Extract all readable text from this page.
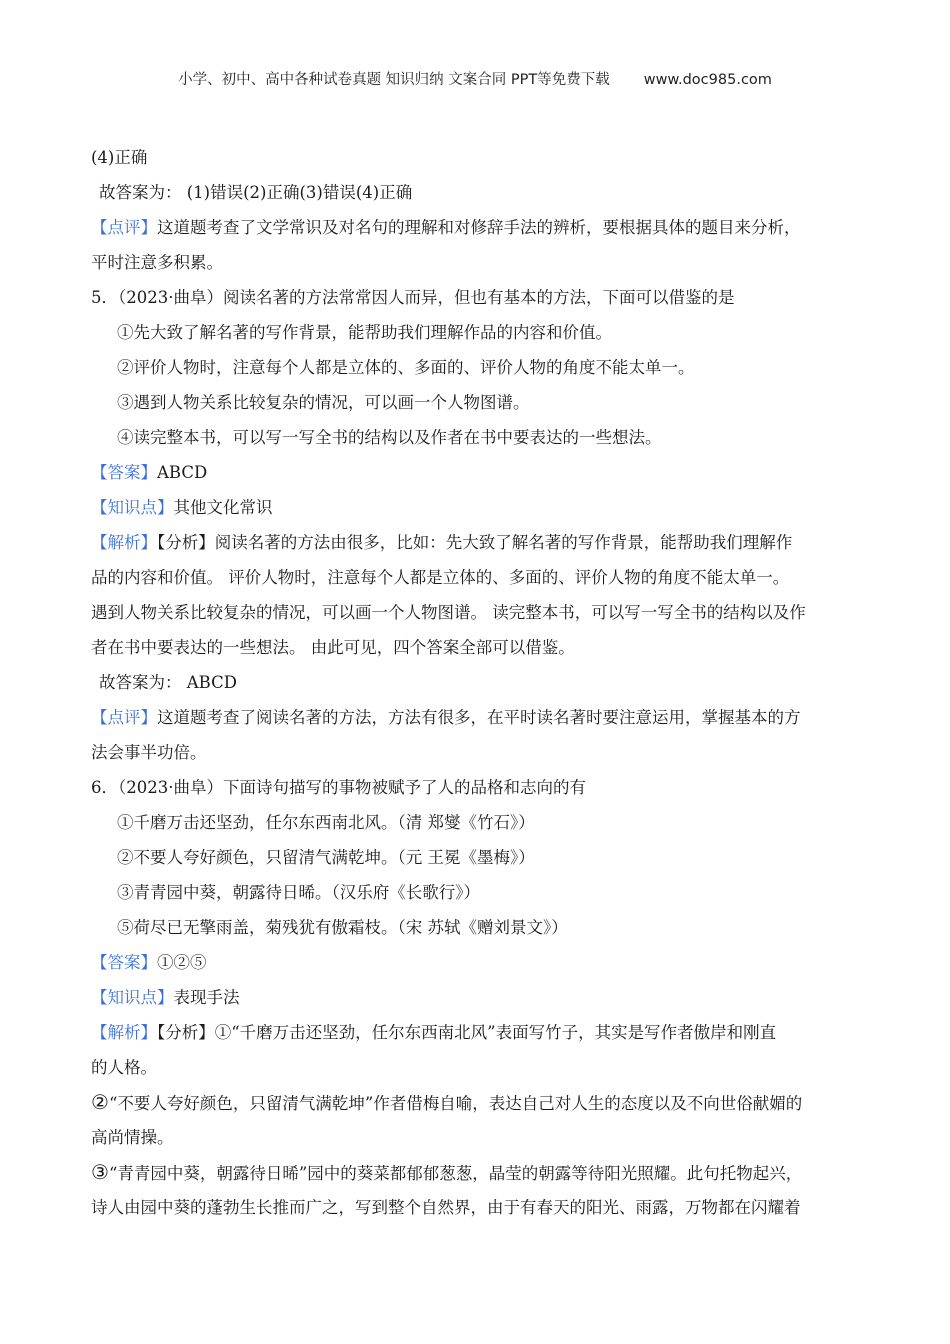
小学、初中、高中各种试卷真题 知识归纳 文案合同 PPT等免费下载 www.doc985.com
(4)正确
故答案为： (1)错误(2)正确(3)错误(4)正确
【点评】这道题考查了文学常识及对名句的理解和对修辞手法的辨析，要根据具体的题目来分析，
平时注意多积累。
5．（2023·曲阜）阅读名著的方法常常因人而异，但也有基本的方法，下面可以借鉴的是
①先大致了解名著的写作背景，能帮助我们理解作品的内容和价值。
②评价人物时，注意每个人都是立体的、多面的、评价人物的角度不能太单一。
③遇到人物关系比较复杂的情况，可以画一个人物图谱。
④读完整本书，可以写一写全书的结构以及作者在书中要表达的一些想法。
【答案】ABCD
【知识点】其他文化常识
【解析】【分析】阅读名著的方法由很多，比如：先大致了解名著的写作背景，能帮助我们理解作
品的内容和价值。 评价人物时，注意每个人都是立体的、多面的、评价人物的角度不能太单一。
遇到人物关系比较复杂的情况，可以画一个人物图谱。 读完整本书，可以写一写全书的结构以及作
者在书中要表达的一些想法。 由此可见，四个答案全部可以借鉴。
故答案为： ABCD
【点评】这道题考查了阅读名著的方法，方法有很多，在平时读名著时要注意运用，掌握基本的方
法会事半功倍。
6．（2023·曲阜）下面诗句描写的事物被赋予了人的品格和志向的有
①千磨万击还坚劲，任尔东西南北风。（清 郑燮《竹石》）
②不要人夸好颜色，只留清气满乾坤。（元 王冕《墨梅》）
③青青园中葵，朝露待日晞。（汉乐府《长歌行》）
⑤荷尽已无擎雨盖，菊残犹有傲霜枝。（宋 苏轼《赠刘景文》）
【答案】①②⑤
【知识点】表现手法
【解析】【分析】①“千磨万击还坚劲，任尔东西南北风”表面写竹子，其实是写作者傲岸和刚直
的人格。
②“不要人夸好颜色，只留清气满乾坤”作者借梅自喻，表达自己对人生的态度以及不向世俗献媚的
高尚情操。
③“青青园中葵，朝露待日晞”园中的葵菜都郁郁葱葱，晶莹的朝露等待阳光照耀。此句托物起兴，
诗人由园中葵的蓬勃生长推而广之，写到整个自然界，由于有春天的阳光、雨露，万物都在闪耀着
